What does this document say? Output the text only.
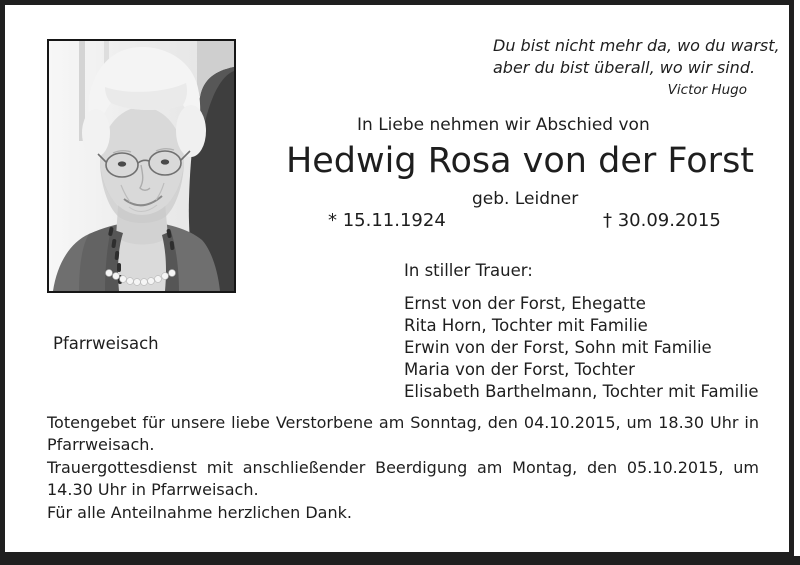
Du bist nicht mehr da, wo du warst,
aber du bist überall, wo wir sind.
Victor Hugo
In Liebe nehmen wir Abschied von
Hedwig Rosa von der Forst
geb. Leidner
* 15.11.1924	† 30.09.2015
In stiller Trauer:
Ernst von der Forst, Ehegatte
Rita Horn, Tochter mit Familie
Erwin von der Forst, Sohn mit Familie
Maria von der Forst, Tochter
Elisabeth Barthelmann, Tochter mit Familie
Pfarrweisach
Totengebet für unsere liebe Verstorbene am Sonntag, den 04.10.2015, um 18.30 Uhr in
Pfarrweisach.
Trauergottesdienst mit anschließender Beerdigung am Montag, den 05.10.2015, um
14.30 Uhr in Pfarrweisach.
Für alle Anteilnahme herzlichen Dank.
